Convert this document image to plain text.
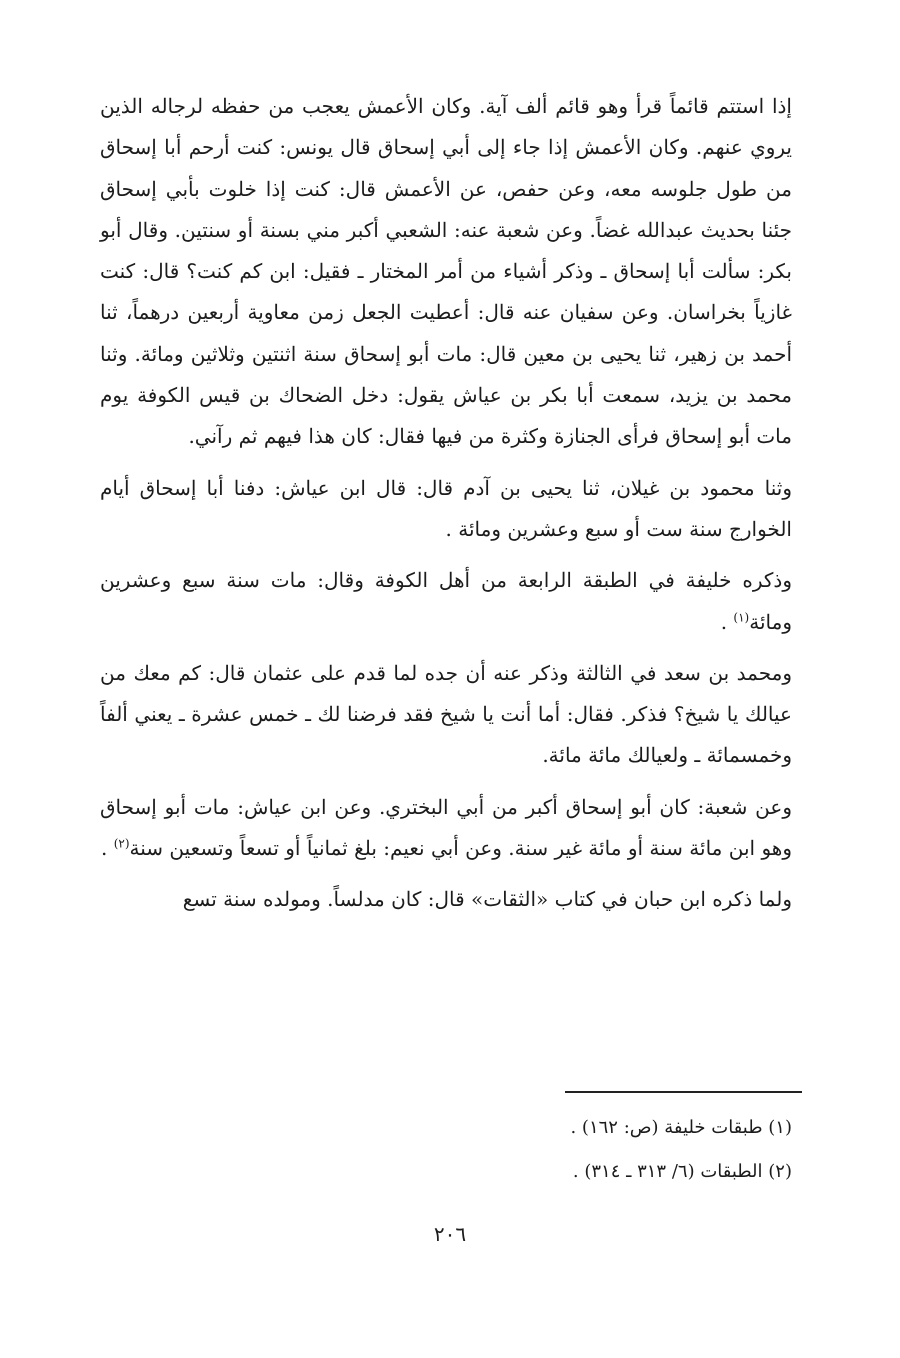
إذا استتم قائماً قرأ وهو قائم ألف آية. وكان الأعمش يعجب من حفظه لرجاله الذين يروي عنهم. وكان الأعمش إذا جاء إلى أبي إسحاق قال يونس: كنت أرحم أبا إسحاق من طول جلوسه معه، وعن حفص، عن الأعمش قال: كنت إذا خلوت بأبي إسحاق جئنا بحديث عبدالله غضاً. وعن شعبة عنه: الشعبي أكبر مني بسنة أو سنتين. وقال أبو بكر: سألت أبا إسحاق ـ وذكر أشياء من أمر المختار ـ فقيل: ابن كم كنت؟ قال: كنت غازياً بخراسان. وعن سفيان عنه قال: أعطيت الجعل زمن معاوية أربعين درهماً، ثنا أحمد بن زهير، ثنا يحيى بن معين قال: مات أبو إسحاق سنة اثنتين وثلاثين ومائة. وثنا محمد بن يزيد، سمعت أبا بكر بن عياش يقول: دخل الضحاك بن قيس الكوفة يوم مات أبو إسحاق فرأى الجنازة وكثرة من فيها فقال: كان هذا فيهم ثم رآني.

وثنا محمود بن غيلان، ثنا يحيى بن آدم قال: قال ابن عياش: دفنا أبا إسحاق أيام الخوارج سنة ست أو سبع وعشرين ومائة .

وذكره خليفة في الطبقة الرابعة من أهل الكوفة وقال: مات سنة سبع وعشرين ومائة$^{(١)}$ .

ومحمد بن سعد في الثالثة وذكر عنه أن جده لما قدم على عثمان قال: كم معك من عيالك يا شيخ؟ فذكر. فقال: أما أنت يا شيخ فقد فرضنا لك ـ خمس عشرة ـ يعني ألفاً وخمسمائة ـ ولعيالك مائة مائة.

وعن شعبة: كان أبو إسحاق أكبر من أبي البختري. وعن ابن عياش: مات أبو إسحاق وهو ابن مائة سنة أو مائة غير سنة. وعن أبي نعيم: بلغ ثمانياً أو تسعاً وتسعين سنة$^{(٢)}$ .

ولما ذكره ابن حبان في كتاب «الثقات» قال: كان مدلساً. ومولده سنة تسع

(١) طبقات خليفة (ص: ١٦٢) .

(٢) الطبقات (٦/ ٣١٣ ـ ٣١٤) .

٢٠٦
